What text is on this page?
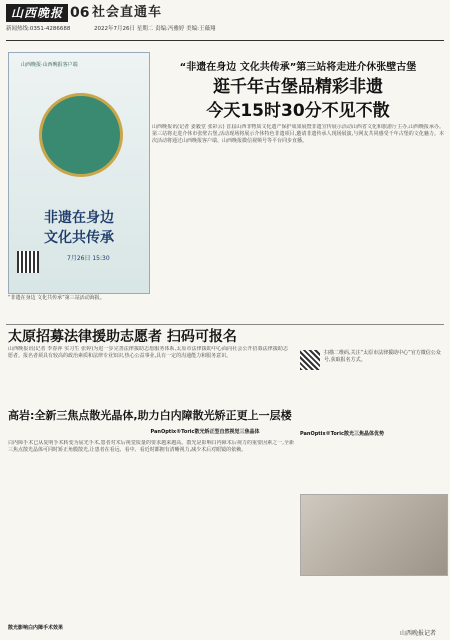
山西晚报 06 社会直通车
新闻热线:0351-4286688	2022年7月26日 星期二 责编:冯雅婷 美编:王薇翔
山西晚报·山西晚报客户端
非遗在身边
文化共传承
7月26日 15:30
“非遗在身边 文化共传承”第三站活动海报。
“非遗在身边 文化共传承”第三站将走进介休张壁古堡
逛千年古堡品精彩非遗
今天15时30分不见不散
山西晚报讯(记者 姜毅堂 张彩云) 首届山西非物质文化遗产保护成果展暨非遗宣传展示活动山西省文化和旅游厅主办,山西晚报承办。第三站将走进介休市张壁古堡,活动现场将展示介休特色非遗项目,邀请非遗传承人现场展演,与网友共同感受千年古堡的文化魅力。本次活动将通过山西晚报客户端、山西晚报微信视频号等平台同步直播。
太原招募法律援助志愿者 扫码可报名
山西晚报讯(记者 李春萍 实习生 张婷)为进一步完善法律援助志愿服务体系,太原市法律援助中心面向社会公开招募法律援助志愿者。报名者须具有较高的政治素质和法律专业知识,热心公益事业,具有一定的沟通能力和服务意识。	扫描二维码,关注“太原市法律援助中心”官方微信公众号,获取报名方式。
高岩:全新三焦点散光晶体,助力白内障散光矫正更上一层楼
PanOptix®Toric散光矫正型自然视觉三焦晶体
白内障手术已从复明手术转变为屈光手术,患者对术后视觉质量的要求越来越高。散光是影响白内障术后视力的重要因素之一,全新三焦点散光晶体可同时矫正角膜散光,让患者在看远、看中、看近时都拥有清晰视力,减少术后对眼镜的依赖。
PanOptix®Toric散光三焦晶体优势
散光影响白内障手术效果
山西晚报记者
